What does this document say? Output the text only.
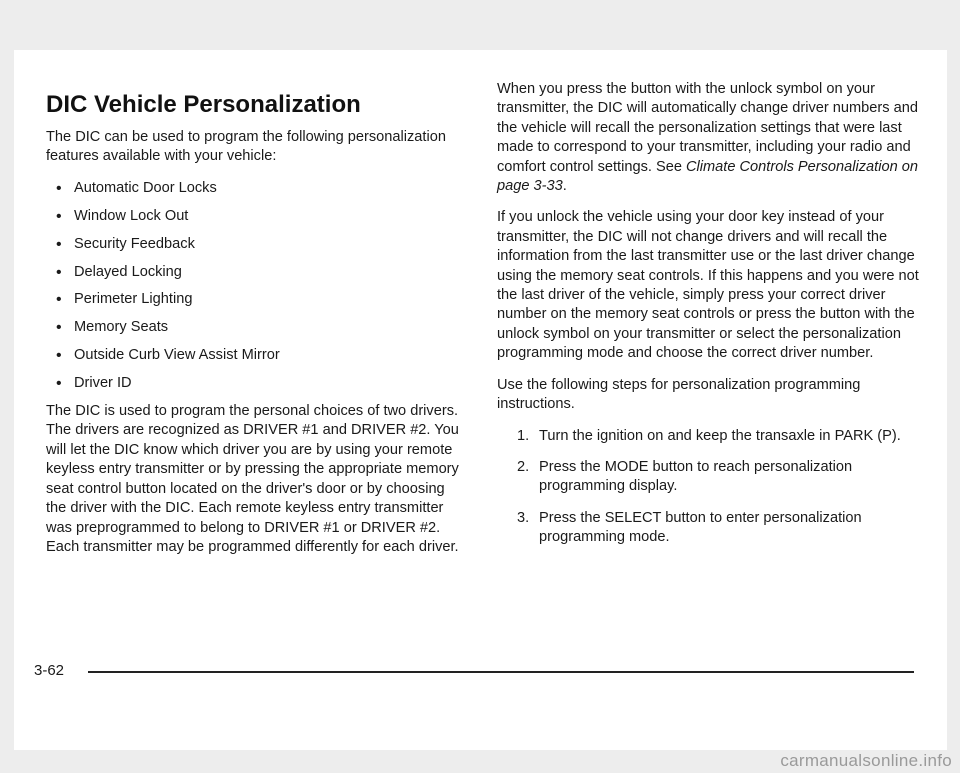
DIC Vehicle Personalization

The DIC can be used to program the following personalization features available with your vehicle:

• Automatic Door Locks
• Window Lock Out
• Security Feedback
• Delayed Locking
• Perimeter Lighting
• Memory Seats
• Outside Curb View Assist Mirror
• Driver ID

The DIC is used to program the personal choices of two drivers. The drivers are recognized as DRIVER #1 and DRIVER #2. You will let the DIC know which driver you are by using your remote keyless entry transmitter or by pressing the appropriate memory seat control button located on the driver's door or by choosing the driver with the DIC. Each remote keyless entry transmitter was preprogrammed to belong to DRIVER #1 or DRIVER #2. Each transmitter may be programmed differently for each driver.

When you press the button with the unlock symbol on your transmitter, the DIC will automatically change driver numbers and the vehicle will recall the personalization settings that were last made to correspond to your transmitter, including your radio and comfort control settings. See Climate Controls Personalization on page 3-33.

If you unlock the vehicle using your door key instead of your transmitter, the DIC will not change drivers and will recall the information from the last transmitter use or the last driver change using the memory seat controls. If this happens and you were not the last driver of the vehicle, simply press your correct driver number on the memory seat controls or press the button with the unlock symbol on your transmitter or select the personalization programming mode and choose the correct driver number.

Use the following steps for personalization programming instructions.

1. Turn the ignition on and keep the transaxle in PARK (P).
2. Press the MODE button to reach personalization programming display.
3. Press the SELECT button to enter personalization programming mode.
3-62
carmanualsonline.info
